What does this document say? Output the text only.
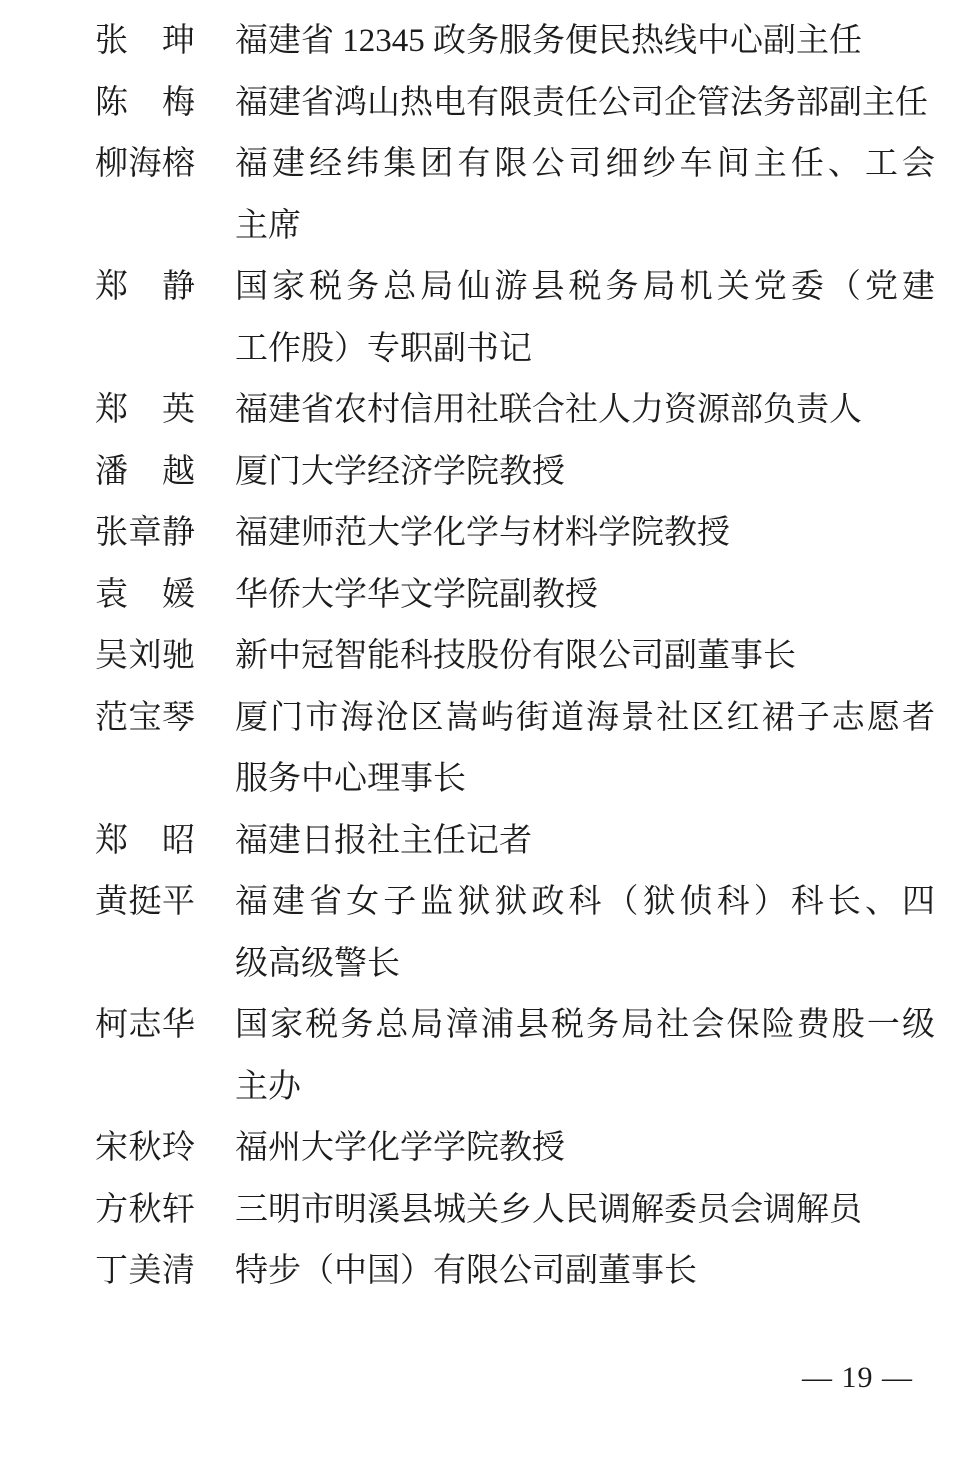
张　珅 福建省 12345 政务服务便民热线中心副主任
陈　梅 福建省鸿山热电有限责任公司企管法务部副主任
柳海榕 福建经纬集团有限公司细纱车间主任、工会
主席
郑　静 国家税务总局仙游县税务局机关党委（党建
工作股）专职副书记
郑　英 福建省农村信用社联合社人力资源部负责人
潘　越 厦门大学经济学院教授
张章静 福建师范大学化学与材料学院教授
袁　媛 华侨大学华文学院副教授
吴刘驰 新中冠智能科技股份有限公司副董事长
范宝琴 厦门市海沧区嵩屿街道海景社区红裙子志愿者
服务中心理事长
郑　昭 福建日报社主任记者
黄挺平 福建省女子监狱狱政科（狱侦科）科长、四
级高级警长
柯志华 国家税务总局漳浦县税务局社会保险费股一级
主办
宋秋玲 福州大学化学学院教授
方秋轩 三明市明溪县城关乡人民调解委员会调解员
丁美清 特步（中国）有限公司副董事长
— 19 —
